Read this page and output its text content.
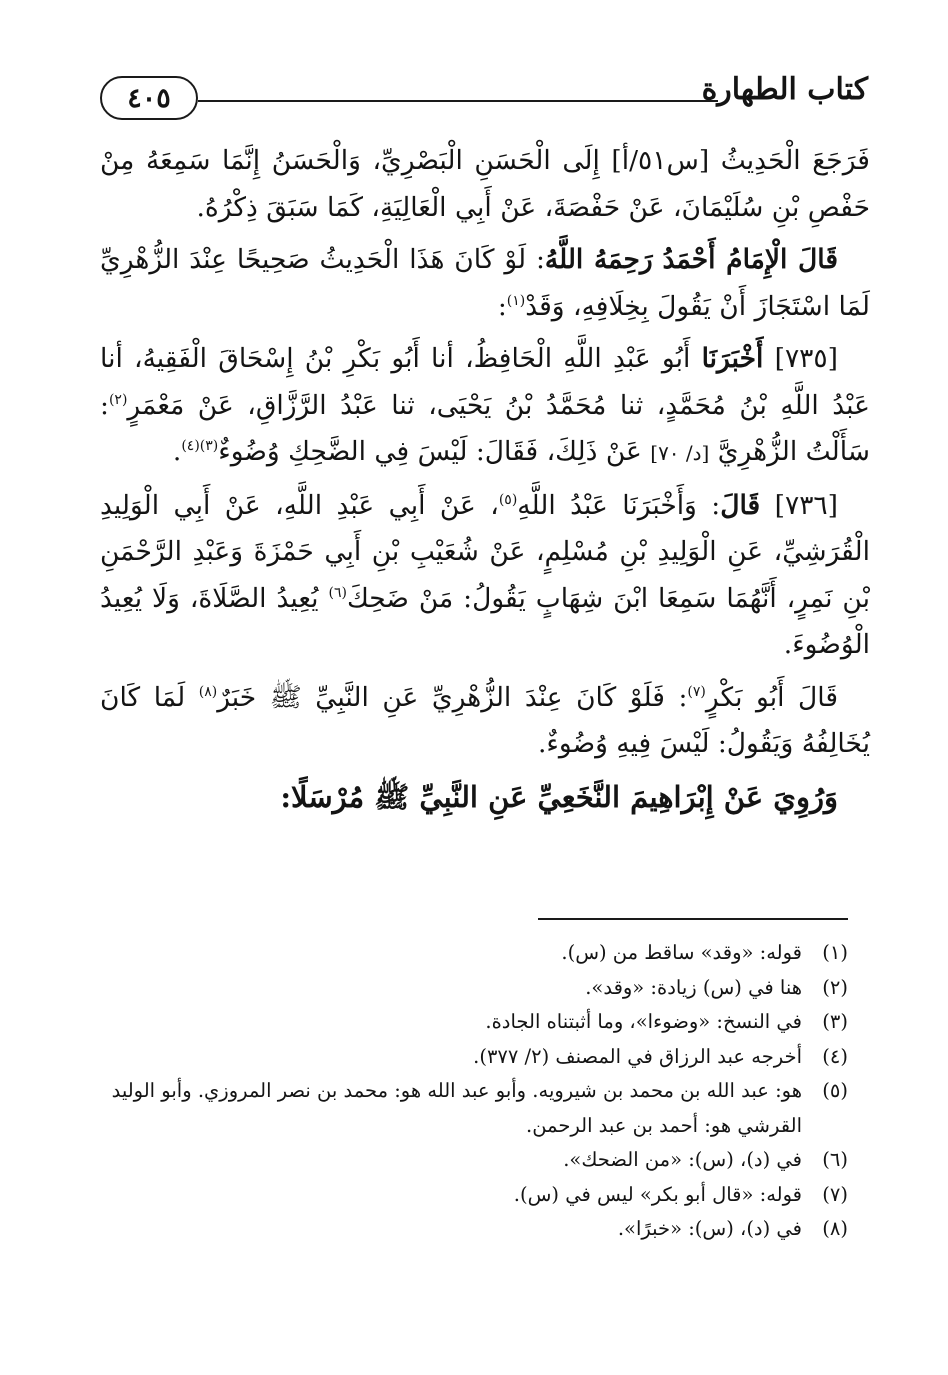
كتاب الطهارة
٤٠٥

فَرَجَعَ الْحَدِيثُ [س٥١/أ] إِلَى الْحَسَنِ الْبَصْرِيِّ، وَالْحَسَنُ إِنَّمَا سَمِعَهُ مِنْ حَفْصِ بْنِ سُلَيْمَانَ، عَنْ حَفْصَةَ، عَنْ أَبِي الْعَالِيَةِ، كَمَا سَبَقَ ذِكْرُهُ.

قَالَ الْإِمَامُ أَحْمَدُ رَحِمَهُ اللَّهُ: لَوْ كَانَ هَذَا الْحَدِيثُ صَحِيحًا عِنْدَ الزُّهْرِيِّ لَمَا اسْتَجَازَ أَنْ يَقُولَ بِخِلَافِهِ، وَقَدْ$^{(١)}$:

[٧٣٥] أَخْبَرَنَا أَبُو عَبْدِ اللَّهِ الْحَافِظُ، أنا أَبُو بَكْرِ بْنُ إِسْحَاقَ الْفَقِيهُ، أنا عَبْدُ اللَّهِ بْنُ مُحَمَّدٍ، ثنا مُحَمَّدُ بْنُ يَحْيَى، ثنا عَبْدُ الرَّزَّاقِ، عَنْ مَعْمَرٍ$^{(٢)}$: سَأَلْتُ الزُّهْرِيَّ [د/ ٧٠] عَنْ ذَلِكَ، فَقَالَ: لَيْسَ فِي الضَّحِكِ وُضُوءٌ$^{(٣)(٤)}$.

[٧٣٦] قَالَ: وَأَخْبَرَنَا عَبْدُ اللَّهِ$^{(٥)}$، عَنْ أَبِي عَبْدِ اللَّهِ، عَنْ أَبِي الْوَلِيدِ الْقُرَشِيِّ، عَنِ الْوَلِيدِ بْنِ مُسْلِمٍ، عَنْ شُعَيْبِ بْنِ أَبِي حَمْزَةَ وَعَبْدِ الرَّحْمَنِ بْنِ نَمِرٍ، أَنَّهُمَا سَمِعَا ابْنَ شِهَابٍ يَقُولُ: مَنْ ضَحِكَ$^{(٦)}$ يُعِيدُ الصَّلَاةَ، وَلَا يُعِيدُ الْوُضُوءَ.

قَالَ أَبُو بَكْرٍ$^{(٧)}$: فَلَوْ كَانَ عِنْدَ الزُّهْرِيِّ عَنِ النَّبِيِّ ﷺ خَبَرٌ$^{(٨)}$ لَمَا كَانَ يُخَالِفُهُ وَيَقُولُ: لَيْسَ فِيهِ وُضُوءٌ.

وَرُوِيَ عَنْ إِبْرَاهِيمَ النَّخَعِيِّ عَنِ النَّبِيِّ ﷺ مُرْسَلًا:

(١)
قوله: «وقد» ساقط من (س).

(٢)
هنا في (س) زيادة: «وقد».

(٣)
في النسخ: «وضوءا»، وما أثبتناه الجادة.

(٤)
أخرجه عبد الرزاق في المصنف (٢/ ٣٧٧).

(٥)
هو: عبد الله بن محمد بن شيرويه. وأبو عبد الله هو: محمد بن نصر المروزي. وأبو الوليد القرشي هو: أحمد بن عبد الرحمن.

(٦)
في (د)، (س): «من الضحك».

(٧)
قوله: «قال أبو بكر» ليس في (س).

(٨)
في (د)، (س): «خبرًا».
